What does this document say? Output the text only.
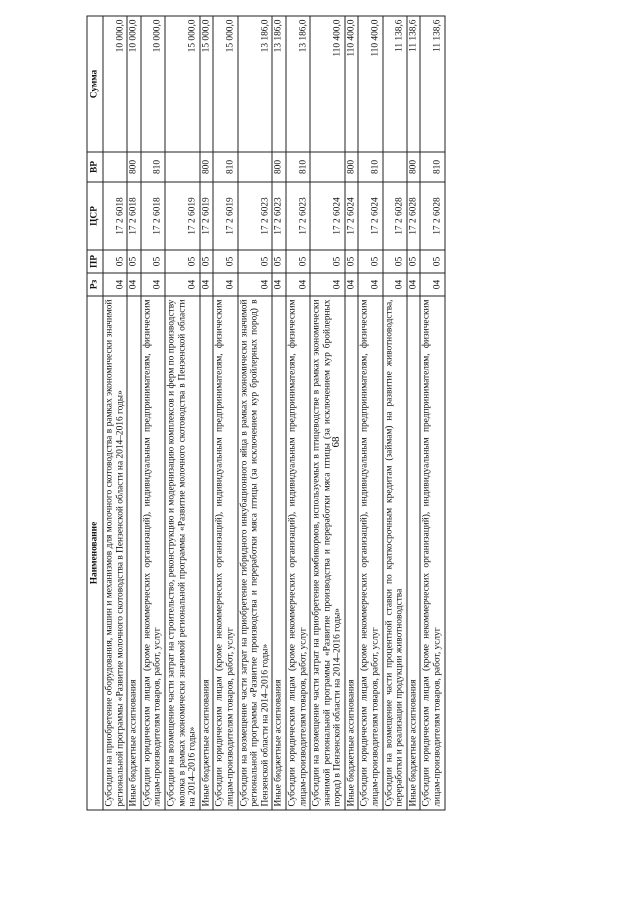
68
Наименование	Рз	ПР	ЦСР	ВР	Сумма
Субсидии на приобретение оборудования, машин и механизмов для молочного скотоводства в рамках экономически значимой региональной программы «Развитие молочного скотоводства в Пензенской области на 2014–2016 годы»	04	05	17 2 6018		10 000,0
Иные бюджетные ассигнования	04	05	17 2 6018	800	10 000,0
Субсидии юридическим лицам (кроме некоммерческих организаций), индивидуальным предпринимателям, физическим лицам-производителям товаров, работ, услуг	04	05	17 2 6018	810	10 000,0
Субсидии на возмещение части затрат на строительство, реконструкцию и модернизацию комплексов и ферм по производству молока в рамках экономически значимой региональной программы «Развитие молочного скотоводства в Пензенской области на 2014–2016 годы»	04	05	17 2 6019		15 000,0
Иные бюджетные ассигнования	04	05	17 2 6019	800	15 000,0
Субсидии юридическим лицам (кроме некоммерческих организаций), индивидуальным предпринимателям, физическим лицам-производителям товаров, работ, услуг	04	05	17 2 6019	810	15 000,0
Субсидии на возмещение части затрат на приобретение гибридного инкубационного яйца в рамках экономически значимой региональной программы «Развитие производства и переработки мяса птицы (за исключением кур бройлерных пород) в Пензенской области на 2014–2016 годы»	04	05	17 2 6023		13 186,0
Иные бюджетные ассигнования	04	05	17 2 6023	800	13 186,0
Субсидии юридическим лицам (кроме некоммерческих организаций), индивидуальным предпринимателям, физическим лицам-производителям товаров, работ, услуг	04	05	17 2 6023	810	13 186,0
Субсидии на возмещение части затрат на приобретение комбикормов, используемых в птицеводстве в рамках экономически значимой региональной программы «Развитие производства и переработки мяса птицы (за исключением кур бройлерных пород) в Пензенской области на 2014–2016 годы»	04	05	17 2 6024		110 400,0
Иные бюджетные ассигнования	04	05	17 2 6024	800	110 400,0
Субсидии юридическим лицам (кроме некоммерческих организаций), индивидуальным предпринимателям, физическим лицам-производителям товаров, работ, услуг	04	05	17 2 6024	810	110 400,0
Субсидии на возмещение части процентной ставки по краткосрочным кредитам (займам) на развитие животноводства, переработки и реализации продукции животноводства	04	05	17 2 6028		11 138,6
Иные бюджетные ассигнования	04	05	17 2 6028	800	11 138,6
Субсидии юридическим лицам (кроме некоммерческих организаций), индивидуальным предпринимателям, физическим лицам-производителям товаров, работ, услуг	04	05	17 2 6028	810	11 138,6
